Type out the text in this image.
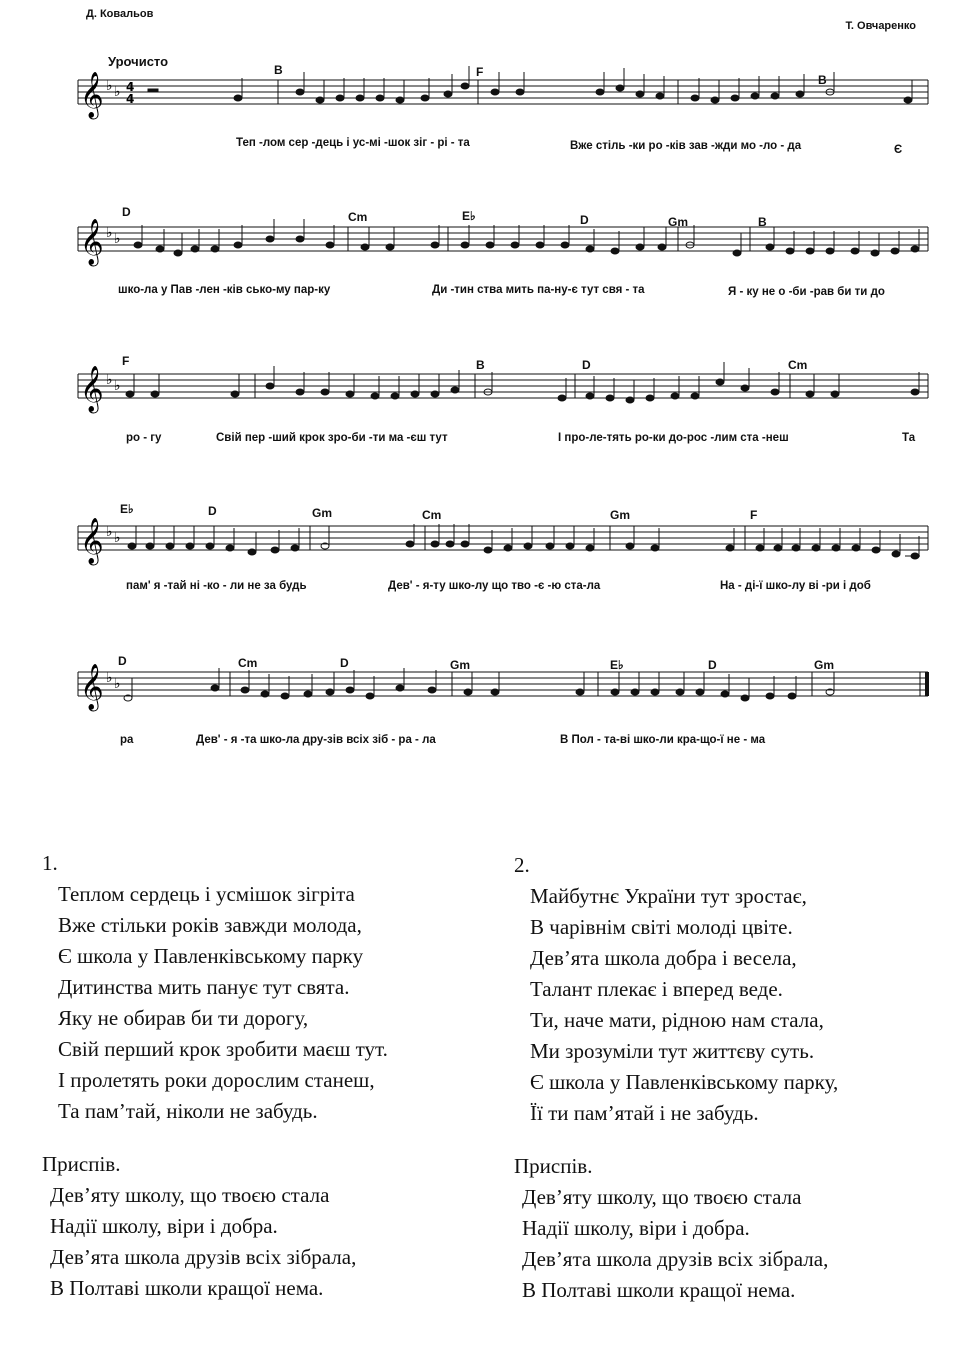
Д. Ковальов
Т. Овчаренко
Урочисто
𝄞 ♭ ♭ 4
4
B	F
B
Теп -лом сер -дець і ус-мі -шок зіг - рі - та	Вже стіль -ки ро -ків зав -жди мо -ло - да	Є
𝄞 ♭ ♭
D	Cm	E♭	D	Gm	B
шко-ла у Пав -лен -ків сько-му пар-ку	Ди -тин ства мить па-ну-є тут свя - та	Я - ку не о -би -рав би ти до
𝄞 ♭ ♭
F	B	D	Cm
ро - гу	Свій пер -ший крок зро-би -ти ма -єш тут	І про-ле-тять ро-ки до-рос -лим ста -неш	Та
𝄞 ♭ ♭
E♭	D	Gm	Cm	Gm	F
пам' я -тай ні -ко - ли не за будь	Дев' - я-ту шко-лу що тво -є -ю ста-ла	На - ді-ї шко-лу ві -ри і доб
𝄞 ♭ ♭
D	Cm	D	Gm	E♭	D	Gm
ра	Дев' - я -та шко-ла дру-зів всіх зіб - ра - ла	В Пол - та-ві шко-ли кра-що-ї не - ма
1.
Теплом сердець і усмішок зігріта
Вже стільки років завжди молода,
Є школа у Павленківському парку
Дитинства мить панує тут свята.
Яку не обирав би ти дорогу,
Свій перший крок зробити маєш тут.
І пролетять роки дорослим станеш,
Та пам’тай, ніколи не забудь.
Приспів.
Дев’яту школу, що твоєю стала
Надії школу, віри і добра.
Дев’ята школа друзів всіх зібрала,
В Полтаві школи кращої нема.
2.
Майбутнє України тут зростає,
В чарівнім світі молоді цвіте.
Дев’ята школа добра і весела,
Талант плекає і вперед веде.
Ти, наче мати, рідною нам стала,
Ми зрозуміли тут життєву суть.
Є школа у Павленківському парку,
Її ти пам’ятай і не забудь.
Приспів.
Дев’яту школу, що твоєю стала
Надії школу, віри і добра.
Дев’ята школа друзів всіх зібрала,
В Полтаві школи кращої нема.
